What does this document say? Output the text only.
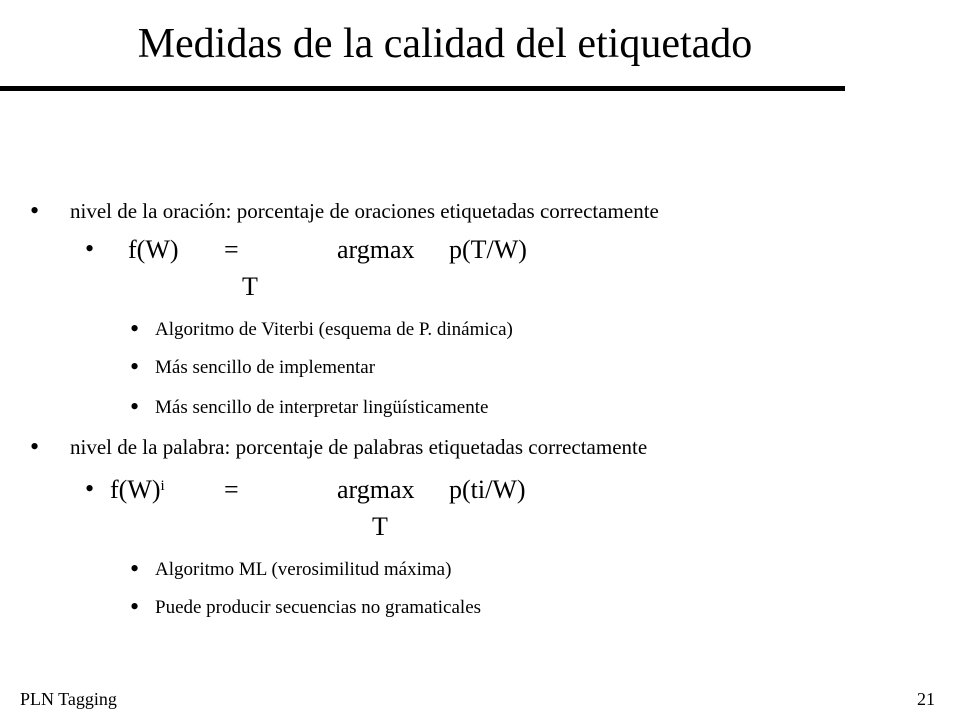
Medidas de la calidad del etiquetado
• nivel de la oración: porcentaje de oraciones etiquetadas correctamente
• f(W) =	argmax p(T/W)
T
• Algoritmo de Viterbi (esquema de P. dinámica)
• Más sencillo de implementar
• Más sencillo de interpretar lingüísticamente
• nivel de la palabra: porcentaje de palabras etiquetadas correctamente
• $f(W)^i$ =	argmax p(ti/W)
T
• Algoritmo ML (verosimilitud máxima)
• Puede producir secuencias no gramaticales
PLN Tagging	21
